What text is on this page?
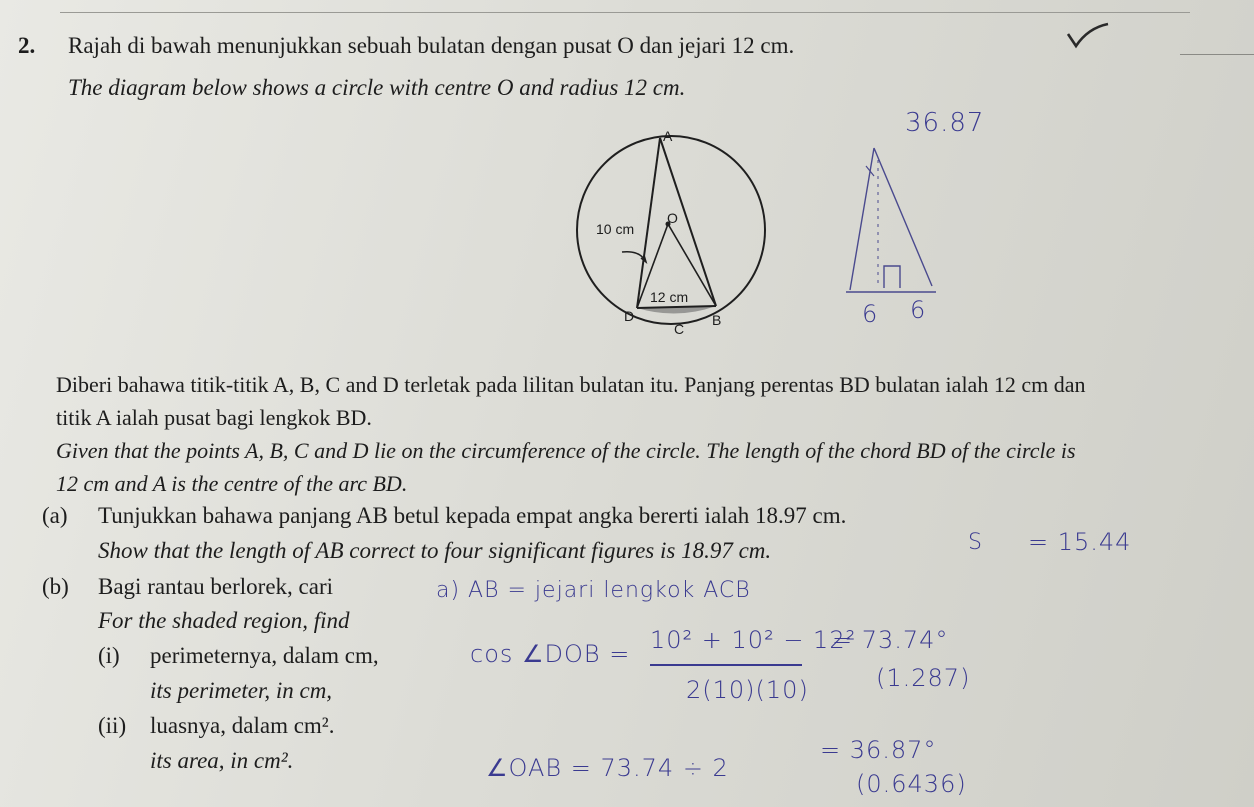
2. Rajah di bawah menunjukkan sebuah bulatan dengan pusat O dan jejari 12 cm.
The diagram below shows a circle with centre O and radius 12 cm.
A
O
10 cm
12 cm
D	B
C
36.87
6 6
Diberi bahawa titik-titik A, B, C and D terletak pada lilitan bulatan itu. Panjang perentas BD bulatan ialah 12 cm dan
titik A ialah pusat bagi lengkok BD.
Given that the points A, B, C and D lie on the circumference of the circle. The length of the chord BD of the circle is
12 cm and A is the centre of the arc BD.
(a) Tunjukkan bahawa panjang AB betul kepada empat angka bererti ialah 18.97 cm.
Show that the length of AB correct to four significant figures is 18.97 cm.
(b) Bagi rantau berlorek, cari
For the shaded region, find
(i) perimeternya, dalam cm,
its perimeter, in cm,
(ii) luasnya, dalam cm².
its area, in cm².
S = 15.44
a) AB = jejari lengkok ACB
cos ∠DOB = 10² + 10² − 12²
2(10)(10)
= 73.74°
(1.287)
∠OAB = 73.74 ÷ 2
= 36.87°
(0.6436)
